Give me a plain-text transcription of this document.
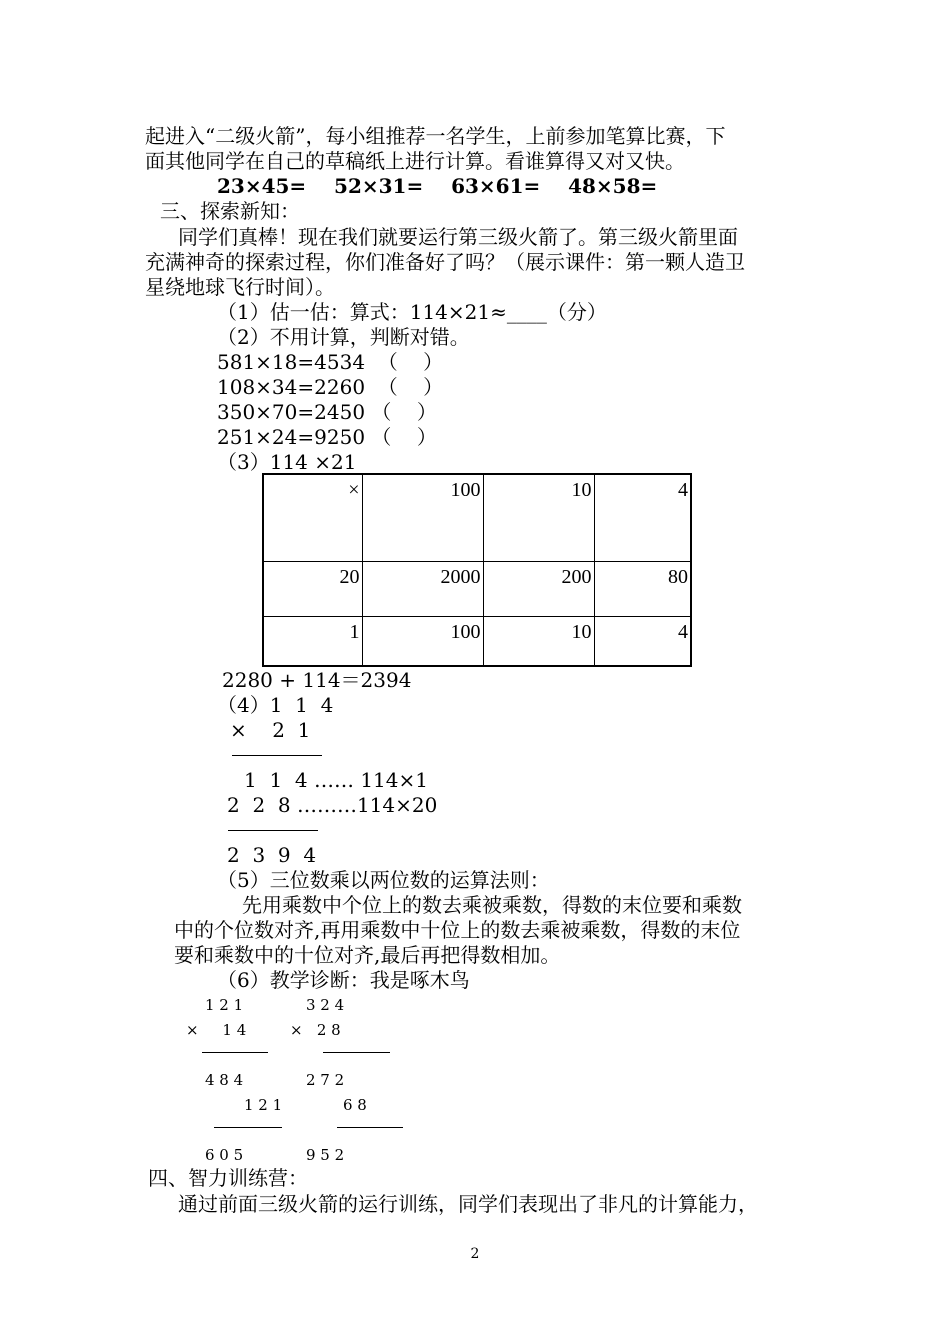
起进入“二级火箭”，每小组推荐一名学生，上前参加笔算比赛，下
面其他同学在自己的草稿纸上进行计算。看谁算得又对又快。
23×45=    52×31=    63×61=    48×58=
三、探索新知：
同学们真棒！现在我们就要运行第三级火箭了。第三级火箭里面
充满神奇的探索过程，你们准备好了吗？（展示课件：第一颗人造卫
星绕地球飞行时间）。
（1）估一估：算式：114×21≈____（分）
（2）不用计算，判断对错。
581×18=4534  （    ）
108×34=2260  （    ）
350×70=2450 （    ）
251×24=9250 （    ）
（3）114 ×21
×	100	10	4
20	2000	200	80
1	100	10	4
2280 + 114＝2394
（4）1  1  4
×    2  1
1  1  4 …… 114×1
2  2  8 ………114×20
2  3  9  4
（5）三位数乘以两位数的运算法则：
先用乘数中个位上的数去乘被乘数，得数的末位要和乘数
中的个位数对齐,再用乘数中十位上的数去乘被乘数，得数的末位
要和乘数中的十位对齐,最后再把得数相加。
（6）教学诊断：我是啄木鸟
1 2 1
×     1 4
4 8 4
1 2 1
6 0 5
3 2 4
×   2 8
2 7 2
6 8
9 5 2
四、智力训练营：
通过前面三级火箭的运行训练，同学们表现出了非凡的计算能力，
2
